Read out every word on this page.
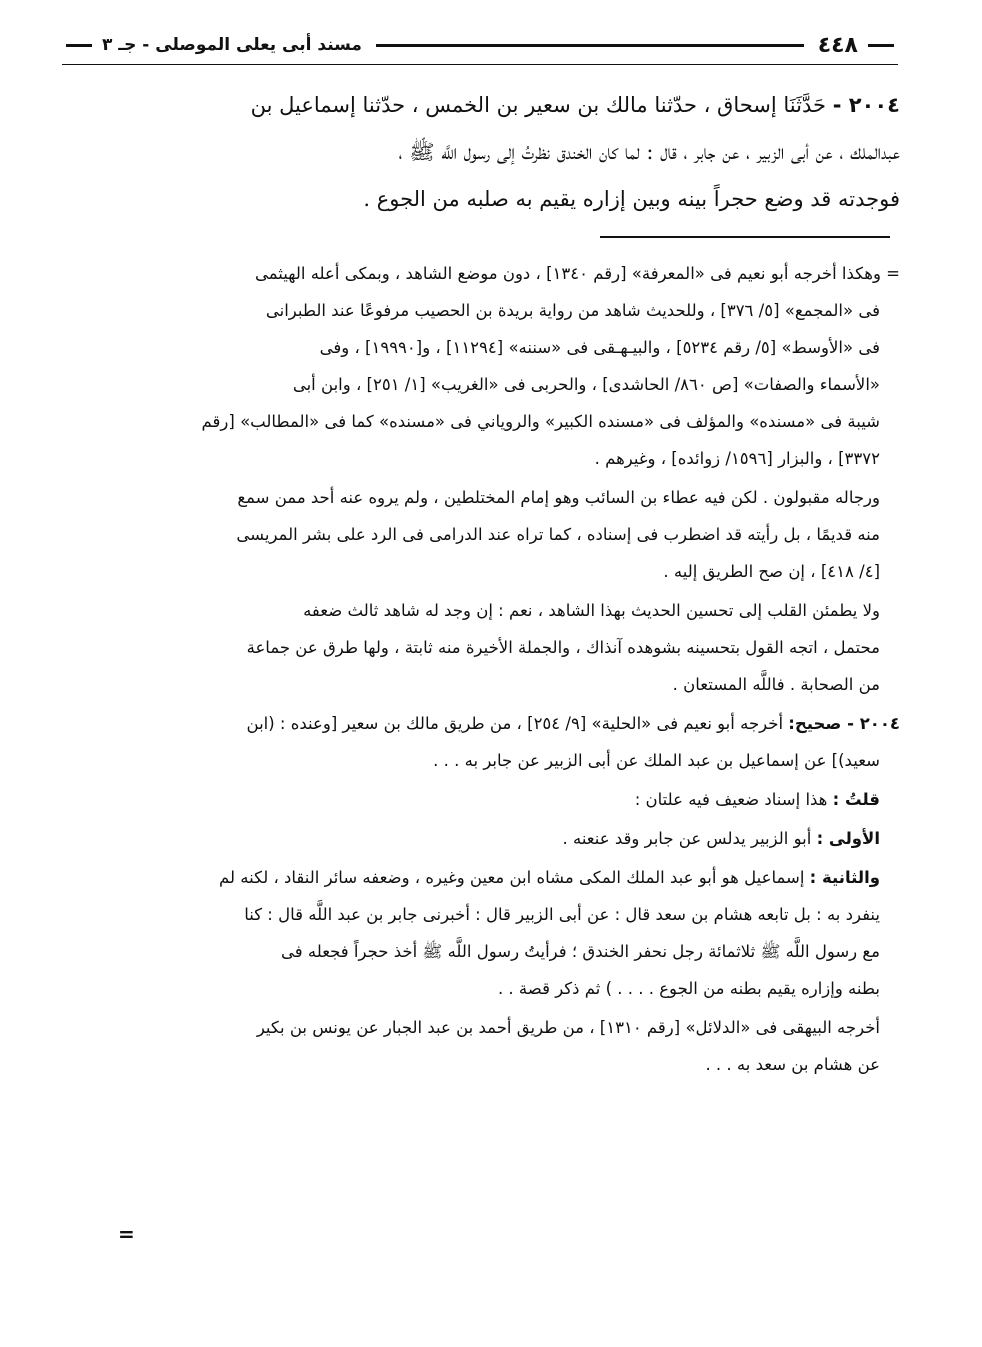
٤٤٨
مسند أبى يعلى الموصلى - جـ ٣
٢٠٠٤ - حَدَّثَنَا إسحاق ، حدّثنا مالك بن سعير بن الخمس ، حدّثنا إسماعيل بن
عبدالملك ، عن أبى الزبير ، عن جابر ، قال : لما كان الخندق نظرتُ إلى رسول اللَّه ﷺ ،
فوجدته قد وضع حجراً بينه وبين إزاره يقيم به صلبه من الجوع .
= وهكذا أخرجه أبو نعيم فى «المعرفة» [رقم ١٣٤٠] ، دون موضع الشاهد ، وبمكى أعله الهيثمى
فى «المجمع» [٥/ ٣٧٦] ، وللحديث شاهد من رواية بريدة بن الحصيب مرفوعًا عند الطبرانى
فى «الأوسط» [٥/ رقم ٥٢٣٤] ، والبيـهـقى فى «سننه» [١١٢٩٤] ، و[١٩٩٩٠] ، وفى
«الأسماء والصفات» [ص ٨٦٠/ الحاشدى] ، والحربى فى «الغريب» [١/ ٢٥١] ، وابن أبى
شيبة فى «مسنده» والمؤلف فى «مسنده الكبير» والروياني فى «مسنده» كما فى «المطالب» [رقم
٣٣٧٢] ، والبزار [١٥٩٦/ زوائده] ، وغيرهم .
ورجاله مقبولون . لكن فيه عطاء بن السائب وهو إمام المختلطين ، ولم يروه عنه أحد ممن سمع
منه قديمًا ، بل رأيته قد اضطرب فى إسناده ، كما تراه عند الدرامى فى الرد على بشر المريسى
[٤/ ٤١٨] ، إن صح الطريق إليه .
ولا يطمئن القلب إلى تحسين الحديث بهذا الشاهد ، نعم : إن وجد له شاهد ثالث ضعفه
محتمل ، اتجه القول بتحسينه بشوهده آنذاك ، والجملة الأخيرة منه ثابتة ، ولها طرق عن جماعة
من الصحابة . فاللَّه المستعان .
٢٠٠٤ - صحيح: أخرجه أبو نعيم فى «الحلية» [٩/ ٢٥٤] ، من طريق مالك بن سعير [وعنده : (ابن
سعيد)] عن إسماعيل بن عبد الملك عن أبى الزبير عن جابر به . . .
قلتُ : هذا إسناد ضعيف فيه علتان :
الأولى : أبو الزبير يدلس عن جابر وقد عنعنه .
والثانية : إسماعيل هو أبو عبد الملك المكى مشاه ابن معين وغيره ، وضعفه سائر النقاد ، لكنه لم
ينفرد به : بل تابعه هشام بن سعد قال : عن أبى الزبير قال : أخبرنى جابر بن عبد اللَّه قال : كنا
مع رسول اللَّه ﷺ ثلاثمائة رجل نحفر الخندق ؛ فرأيتُ رسول اللَّه ﷺ أخذ حجراً فجعله فى
بطنه وإزاره يقيم بطنه من الجوع . . . . ) ثم ذكر قصة . .
أخرجه البيهقى فى «الدلائل» [رقم ١٣١٠] ، من طريق أحمد بن عبد الجبار عن يونس بن بكير
عن هشام بن سعد به . . .
=
